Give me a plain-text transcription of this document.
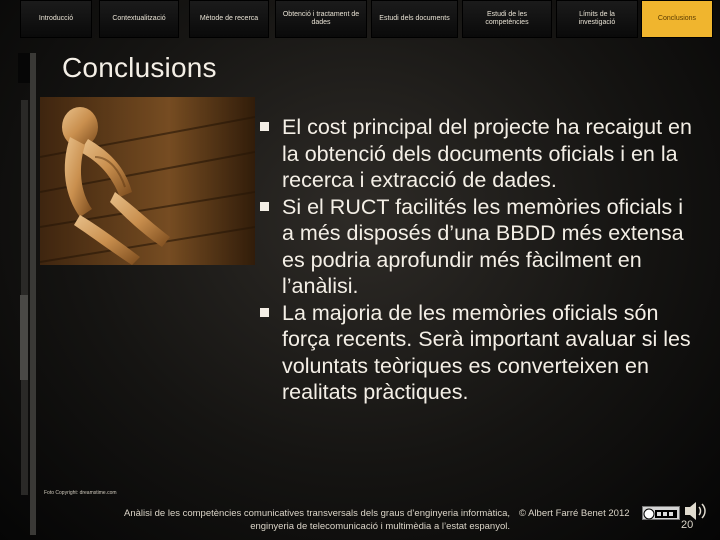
Introducció	Contextualització	Mètode de recerca
Obtenció i tractament de dades
Estudi dels documents
Estudi de les competències
Límits de la investigació
Conclusions
Conclusions
El cost principal del projecte ha recaigut en la obtenció dels documents oficials i en la recerca i extracció de dades.
Si el RUCT facilités les memòries oficials i a més disposés d’una BBDD més extensa es podria aprofundir més fàcilment en l’anàlisi.
La majoria de les memòries oficials són força recents. Serà important avaluar si les voluntats teòriques es converteixen en realitats pràctiques.
Foto Copyright: dreamstime.com
Anàlisi de les competències comunicatives transversals dels graus d’enginyeria informàtica,
enginyeria de telecomunicació i multimèdia a l’estat espanyol.
© Albert Farré Benet 2012
20
